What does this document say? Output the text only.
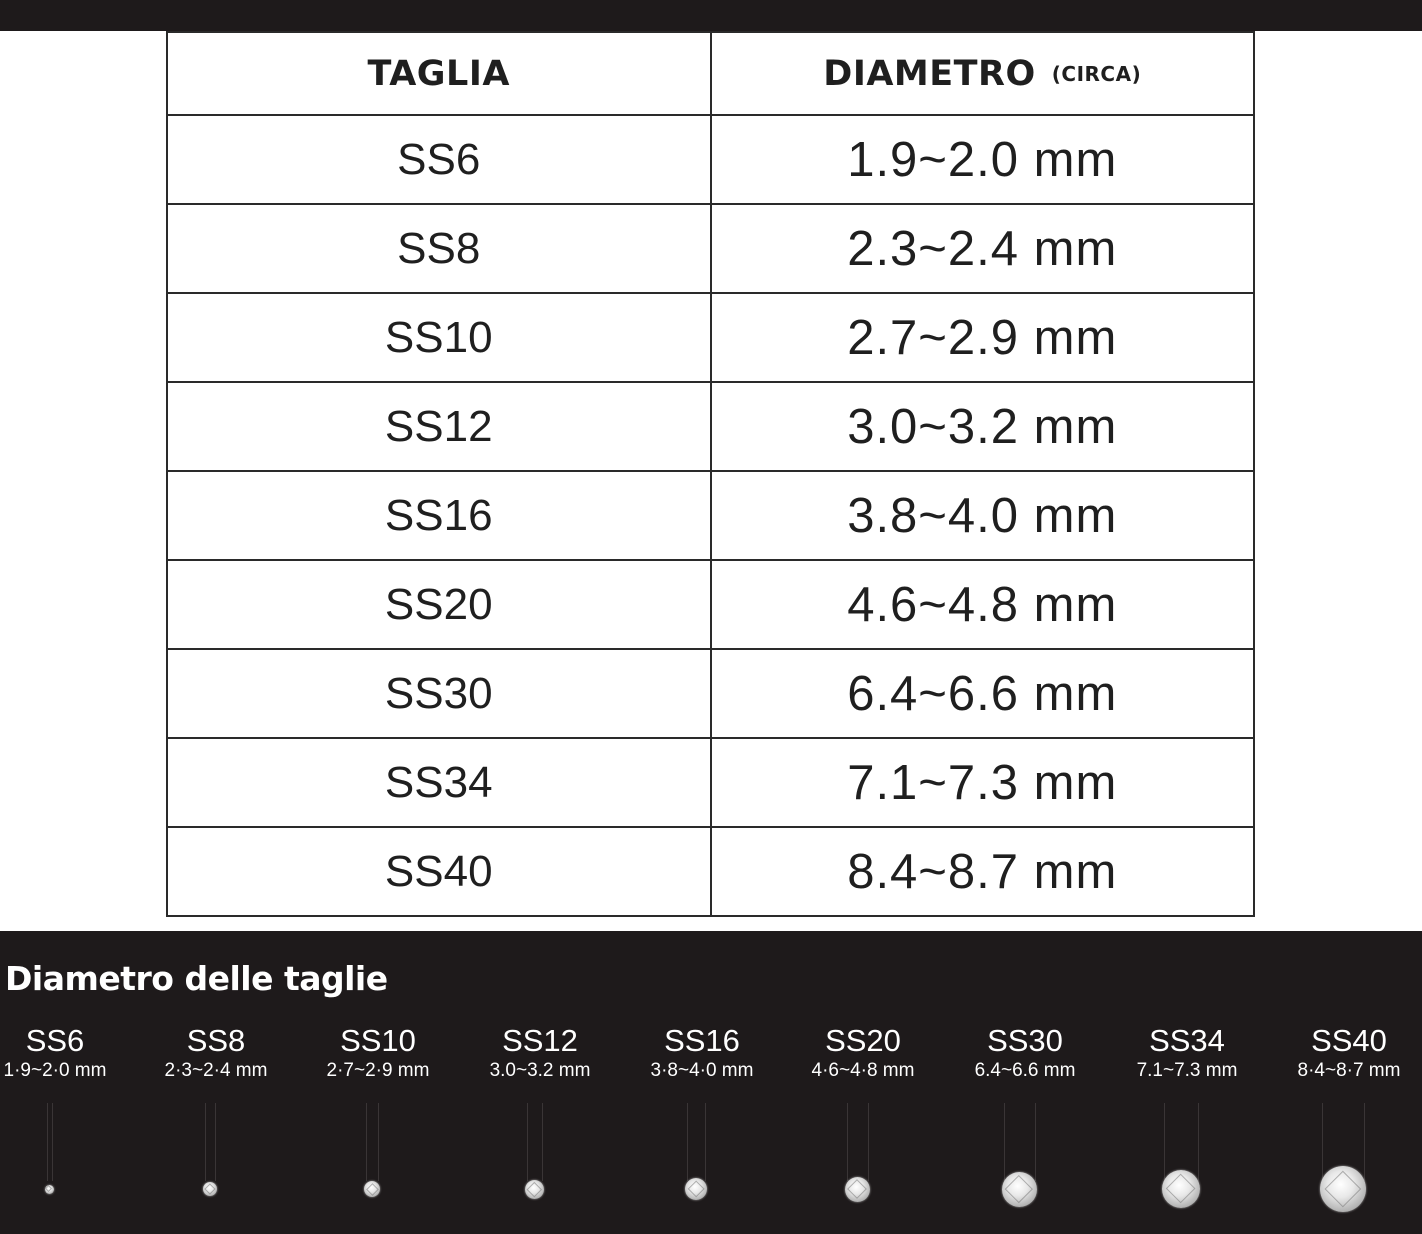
TAGLIA	DIAMETRO $^{(CIRCA)}$
SS6	1.9~2.0 mm
SS8	2.3~2.4 mm
SS10	2.7~2.9 mm
SS12	3.0~3.2 mm
SS16	3.8~4.0 mm
SS20	4.6~4.8 mm
SS30	6.4~6.6 mm
SS34	7.1~7.3 mm
SS40	8.4~8.7 mm
Diametro delle taglie
SS6
1·9~2·0 mm
SS8
2·3~2·4 mm
SS10
2·7~2·9 mm
SS12
3.0~3.2 mm
SS16
3·8~4·0 mm
SS20
4·6~4·8 mm
SS30
6.4~6.6 mm
SS34
7.1~7.3 mm
SS40
8·4~8·7 mm
